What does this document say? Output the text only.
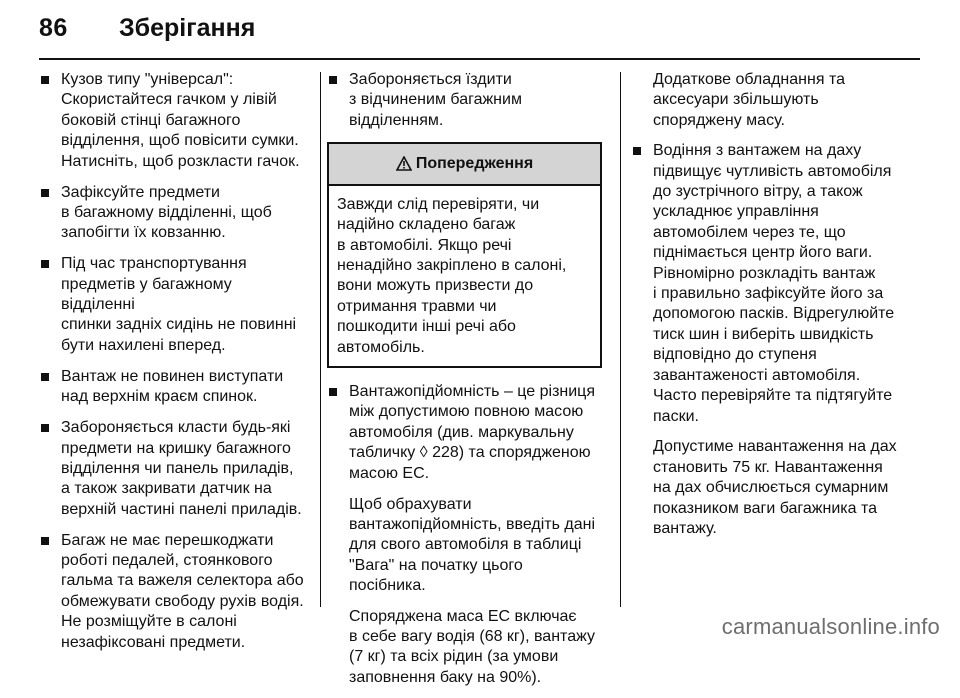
86 Зберігання
Кузов типу "універсал":
Скористайтеся гачком у лівій
боковій стінці багажного
відділення, щоб повісити сумки.
Натисніть, щоб розкласти гачок.
Зафіксуйте предмети
в багажному відділенні, щоб
запобігти їх ковзанню.
Під час транспортування
предметів у багажному відділенні
спинки задніх сидінь не повинні
бути нахилені вперед.
Вантаж не повинен виступати
над верхнім краєм спинок.
Забороняється класти будь-які
предмети на кришку багажного
відділення чи панель приладів,
а також закривати датчик на
верхній частині панелі приладів.
Багаж не має перешкоджати
роботі педалей, стоянкового
гальма та важеля селектора або
обмежувати свободу рухів водія.
Не розміщуйте в салоні
незафіксовані предмети.
Забороняється їздити
з відчиненим багажним
відділенням.
Попередження
Завжди слід перевіряти, чи
надійно складено багаж
в автомобілі. Якщо речі
ненадійно закріплено в салоні,
вони можуть призвести до
отримання травми чи
пошкодити інші речі або
автомобіль.
Вантажопідйомність – це різниця
між допустимою повною масою
автомобіля (див. маркувальну
табличку ◊ 228) та спорядженою
масою ЕС.
Щоб обрахувати
вантажопідйомність, введіть дані
для свого автомобіля в таблиці
"Вага" на початку цього
посібника.
Споряджена маса ЕС включає
в себе вагу водія (68 кг), вантажу
(7 кг) та всіх рідин (за умови
заповнення баку на 90%).
Додаткове обладнання та
аксесуари збільшують
споряджену масу.
Водіння з вантажем на даху
підвищує чутливість автомобіля
до зустрічного вітру, а також
ускладнює управління
автомобілем через те, що
піднімається центр його ваги.
Рівномірно розкладіть вантаж
і правильно зафіксуйте його за
допомогою пасків. Відрегулюйте
тиск шин і виберіть швидкість
відповідно до ступеня
завантаженості автомобіля.
Часто перевіряйте та підтягуйте
паски.
Допустиме навантаження на дах
становить 75 кг. Навантаження
на дах обчислюється сумарним
показником ваги багажника та
вантажу.
carmanualsonline.info
